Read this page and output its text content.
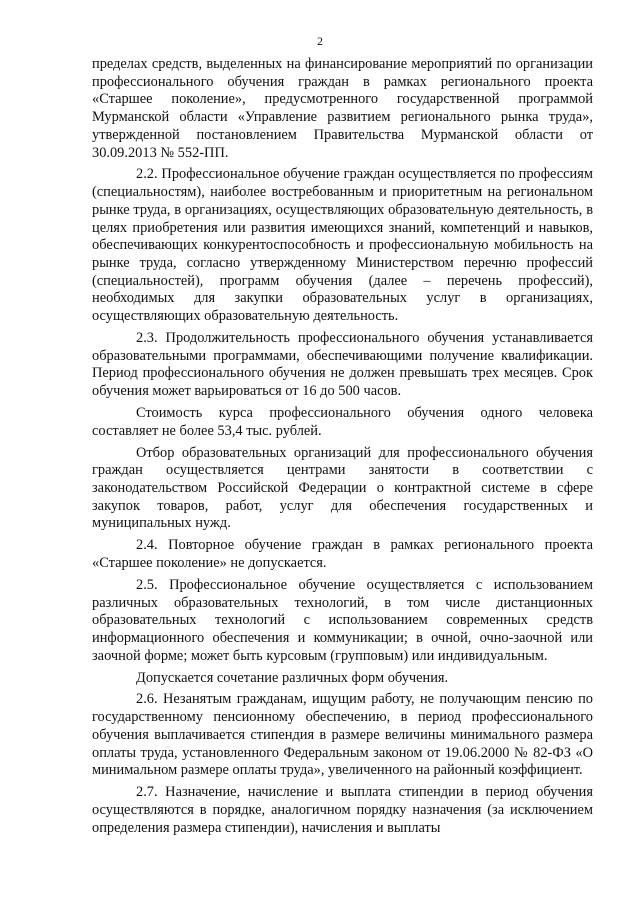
2

пределах средств, выделенных на финансирование мероприятий по организации профессионального обучения граждан в рамках регионального проекта «Старшее поколение», предусмотренного государственной программой Мурманской области «Управление развитием регионального рынка труда», утвержденной постановлением Правительства Мурманской области от 30.09.2013 № 552-ПП.

2.2. Профессиональное обучение граждан осуществляется по профессиям (специальностям), наиболее востребованным и приоритетным на региональном рынке труда, в организациях, осуществляющих образовательную деятельность, в целях приобретения или развития имеющихся знаний, компетенций и навыков, обеспечивающих конкурентоспособность и профессиональную мобильность на рынке труда, согласно утвержденному Министерством перечню профессий (специальностей), программ обучения (далее – перечень профессий), необходимых для закупки образовательных услуг в организациях, осуществляющих образовательную деятельность.

2.3. Продолжительность профессионального обучения устанавливается образовательными программами, обеспечивающими получение квалификации. Период профессионального обучения не должен превышать трех месяцев. Срок обучения может варьироваться от 16 до 500 часов.

Стоимость курса профессионального обучения одного человека составляет не более 53,4 тыс. рублей.

Отбор образовательных организаций для профессионального обучения граждан осуществляется центрами занятости в соответствии с законодательством Российской Федерации о контрактной системе в сфере закупок товаров, работ, услуг для обеспечения государственных и муниципальных нужд.

2.4. Повторное обучение граждан в рамках регионального проекта «Старшее поколение» не допускается.

2.5. Профессиональное обучение осуществляется с использованием различных образовательных технологий, в том числе дистанционных образовательных технологий с использованием современных средств информационного обеспечения и коммуникации; в очной, очно-заочной или заочной форме; может быть курсовым (групповым) или индивидуальным.

Допускается сочетание различных форм обучения.

2.6. Незанятым гражданам, ищущим работу, не получающим пенсию по государственному пенсионному обеспечению, в период профессионального обучения выплачивается стипендия в размере величины минимального размера оплаты труда, установленного Федеральным законом от 19.06.2000 № 82-ФЗ «О минимальном размере оплаты труда», увеличенного на районный коэффициент.

2.7. Назначение, начисление и выплата стипендии в период обучения осуществляются в порядке, аналогичном порядку назначения (за исключением определения размера стипендии), начисления и выплаты
